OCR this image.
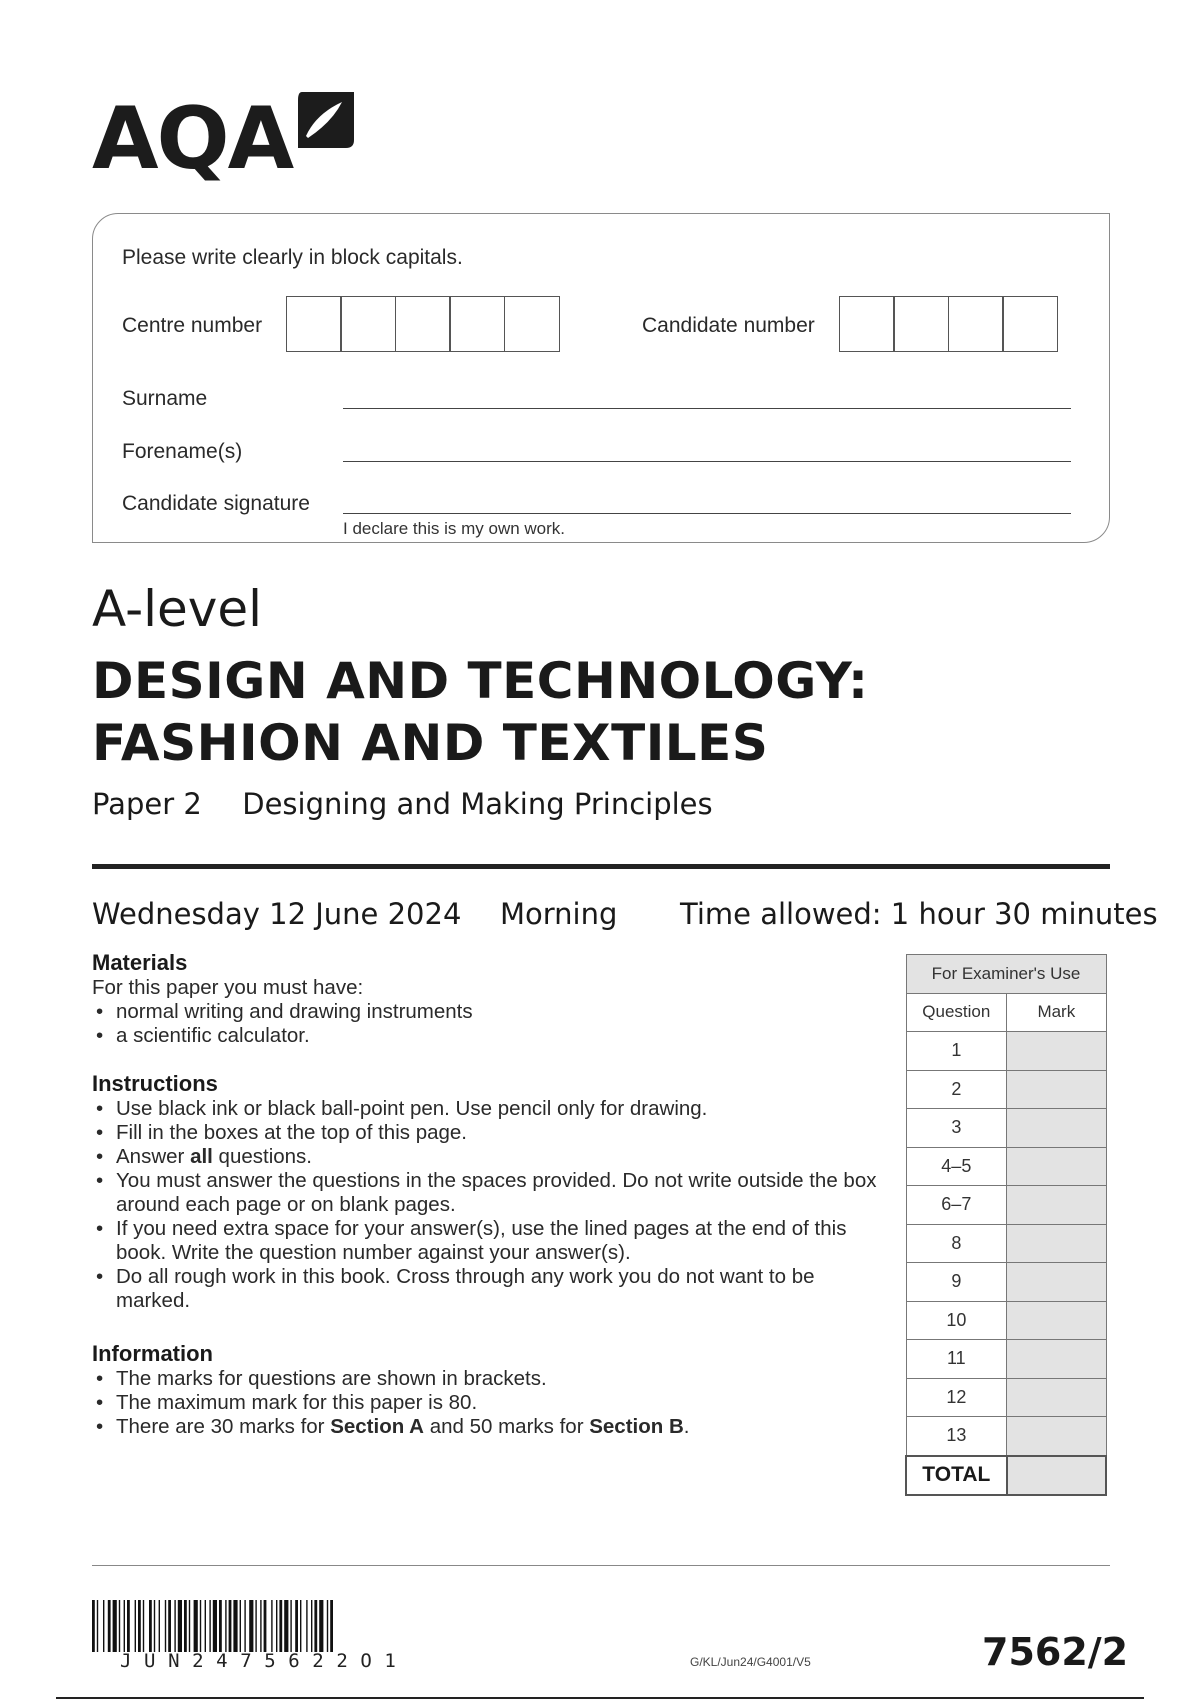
AQA
Please write clearly in block capitals.
Centre number	Candidate number
Surname
Forename(s)
Candidate signature
I declare this is my own work.
A-level
DESIGN AND TECHNOLOGY:
FASHION AND TEXTILES
Paper 2 Designing and Making Principles
Wednesday 12 June 2024 Morning Time allowed: 1 hour 30 minutes
Materials
For this paper you must have:
• normal writing and drawing instruments
• a scientific calculator.
Instructions
• Use black ink or black ball-point pen. Use pencil only for drawing.
• Fill in the boxes at the top of this page.
• Answer all questions.
• You must answer the questions in the spaces provided. Do not write outside the box around each page or on blank pages.
• If you need extra space for your answer(s), use the lined pages at the end of this book. Write the question number against your answer(s).
• Do all rough work in this book. Cross through any work you do not want to be marked.
Information
• The marks for questions are shown in brackets.
• The maximum mark for this paper is 80.
• There are 30 marks for Section A and 50 marks for Section B.
For Examiner's Use	
Question	Mark
1	
2	
3	
4–5	
6–7	
8	
9	
10	
11	
12	
13	
TOTAL	
JUN2475622O1	G/KL/Jun24/G4001/V5	7562/2
